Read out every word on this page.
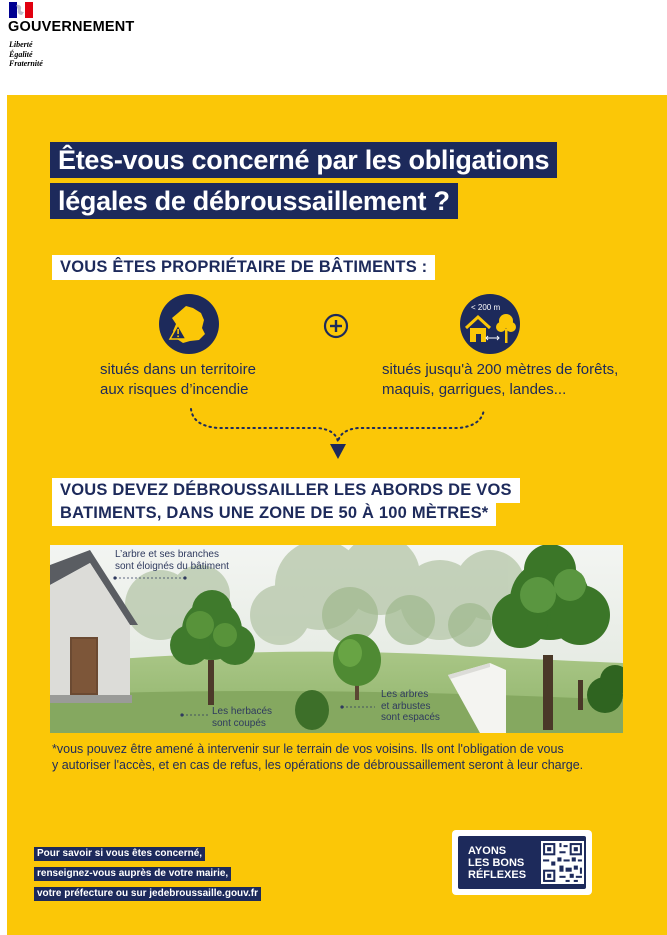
GOUVERNEMENT
Liberté
Égalité
Fraternité
Êtes-vous concerné par les obligations
légales de débroussaillement ?
VOUS ÊTES PROPRIÉTAIRE DE BÂTIMENTS :
< 200 m
situés dans un territoire
aux risques d’incendie
situés jusqu'à 200 mètres de forêts,
maquis, garrigues, landes...
VOUS DEVEZ DÉBROUSSAILLER LES ABORDS DE VOS
BATIMENTS, DANS UNE ZONE DE 50 À 100 MÈTRES*
L’arbre et ses branches
sont éloignés du bâtiment
Les herbacés
sont coupés
Les arbres
et arbustes
sont espacés
*vous pouvez être amené à intervenir sur le terrain de vos voisins. Ils ont l'obligation de vous
y autoriser l'accès, et en cas de refus, les opérations de débroussaillement seront à leur charge.
Pour savoir si vous êtes concerné,
renseignez-vous auprès de votre mairie,
votre préfecture ou sur jedebroussaille.gouv.fr
AYONS
LES BONS
RÉFLEXES
